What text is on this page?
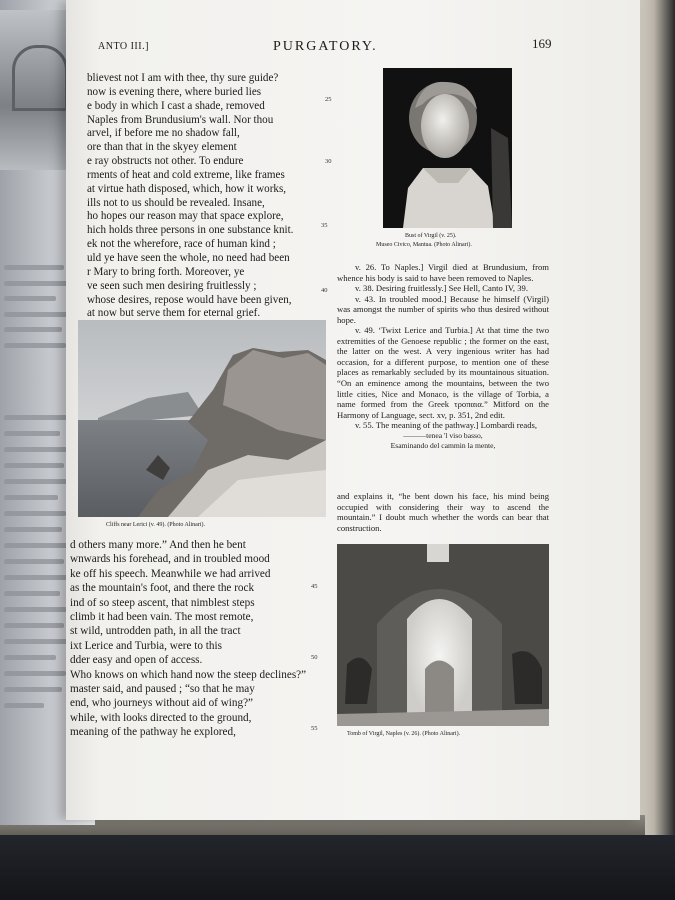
ANTO III.]	PURGATORY.	169
blievest not I am with thee, thy sure guide?
now is evening there, where buried lies
e body in which I cast a shade, removed
Naples from Brundusium's wall. Nor thou
arvel, if before me no shadow fall,
ore than that in the skyey element
e ray obstructs not other. To endure
rments of heat and cold extreme, like frames
at virtue hath disposed, which, how it works,
ills not to us should be revealed. Insane,
ho hopes our reason may that space explore,
hich holds three persons in one substance knit.
ek not the wherefore, race of human kind ;
uld ye have seen the whole, no need had been
r Mary to bring forth. Moreover, ye
ve seen such men desiring fruitlessly ;
whose desires, repose would have been given,
at now but serve them for eternal grief.
25
30
35
40
Cliffs near Lerici (v. 49). (Photo Alinari).
d others many more.” And then he bent
wnwards his forehead, and in troubled mood
ke off his speech. Meanwhile we had arrived
as the mountain's foot, and there the rock
ind of so steep ascent, that nimblest steps
climb it had been vain. The most remote,
st wild, untrodden path, in all the tract
ixt Lerice and Turbia, were to this
dder easy and open of access.
Who knows on which hand now the steep declines?”
master said, and paused ; “so that he may
end, who journeys without aid of wing?”
while, with looks directed to the ground,
meaning of the pathway he explored,
45
50
55
Bust of Virgil (v. 25).
Museo Civico, Mantua. (Photo Alinari).

v. 26. To Naples.] Virgil died at Brundusium, from whence his body is said to have been removed to Naples.

v. 38. Desiring fruitlessly.] See Hell, Canto IV, 39.

v. 43. In troubled mood.] Because he himself (Virgil) was amongst the number of spirits who thus desired without hope.

v. 49. ‘Twixt Lerice and Turbia.] At that time the two extremities of the Genoese republic ; the former on the east, the latter on the west. A very ingenious writer has had occasion, for a different purpose, to mention one of these places as remarkably secluded by its mountainous situation. “On an eminence among the mountains, between the two little cities, Nice and Monaco, is the village of Torbia, a name formed from the Greek τροπαια.” Mitford on the Harmony of Language, sect. xv, p. 351, 2nd edit.

v. 55. The meaning of the pathway.] Lombardi reads,

———tenea 'l viso basso,

Esaminando del cammin la mente,

and explains it, “he bent down his face, his mind being occupied with considering their way to ascend the mountain.” I doubt much whether the words can bear that construction.

Tomb of Virgil, Naples (v. 26). (Photo Alinari).
